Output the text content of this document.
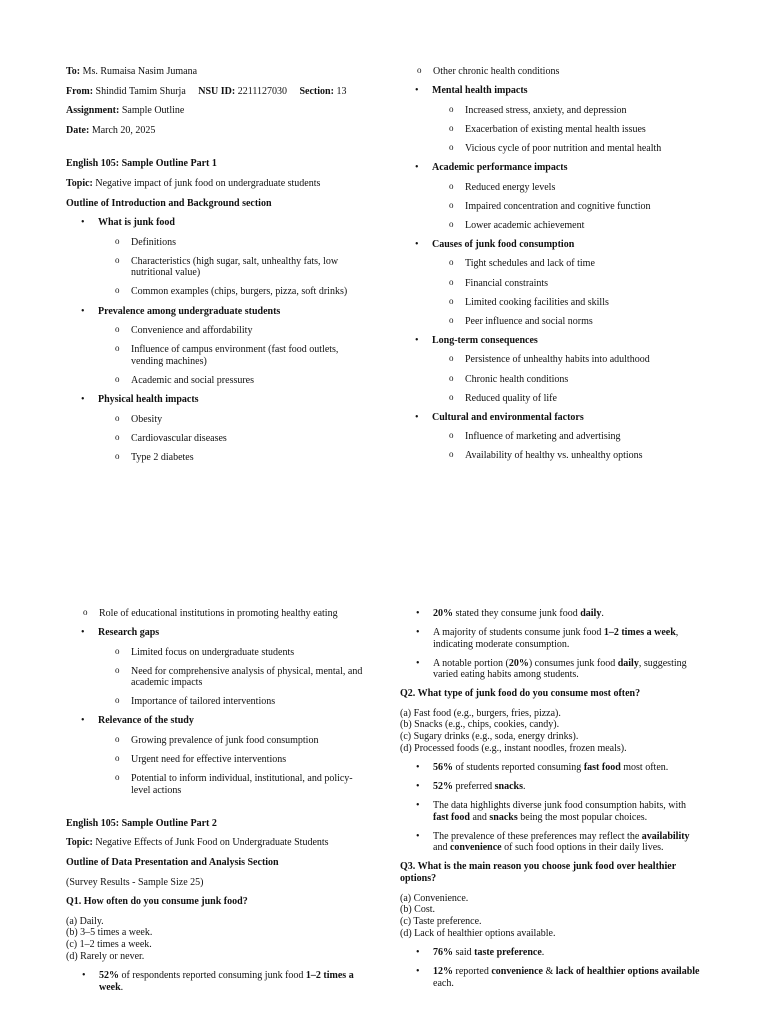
To: Ms. Rumaisa Nasim Jumana

From: Shindid Tamim Shurja NSU ID: 2211127030 Section: 13

Assignment: Sample Outline

Date: March 20, 2025

English 105: Sample Outline Part 1

Topic: Negative impact of junk food on undergraduate students

Outline of Introduction and Background section

• What is junk food
o Definitions
o Characteristics (high sugar, salt, unhealthy fats, low nutritional value)
o Common examples (chips, burgers, pizza, soft drinks)
• Prevalence among undergraduate students
o Convenience and affordability
o Influence of campus environment (fast food outlets, vending machines)
o Academic and social pressures
• Physical health impacts
o Obesity
o Cardiovascular diseases
o Type 2 diabetes
o Other chronic health conditions
• Mental health impacts
o Increased stress, anxiety, and depression
o Exacerbation of existing mental health issues
o Vicious cycle of poor nutrition and mental health
• Academic performance impacts
o Reduced energy levels
o Impaired concentration and cognitive function
o Lower academic achievement
• Causes of junk food consumption
o Tight schedules and lack of time
o Financial constraints
o Limited cooking facilities and skills
o Peer influence and social norms
• Long-term consequences
o Persistence of unhealthy habits into adulthood
o Chronic health conditions
o Reduced quality of life
• Cultural and environmental factors
o Influence of marketing and advertising
o Availability of healthy vs. unhealthy options
o Role of educational institutions in promoting healthy eating
• Research gaps
o Limited focus on undergraduate students
o Need for comprehensive analysis of physical, mental, and academic impacts
o Importance of tailored interventions
• Relevance of the study
o Growing prevalence of junk food consumption
o Urgent need for effective interventions
o Potential to inform individual, institutional, and policy-level actions

English 105: Sample Outline Part 2

Topic: Negative Effects of Junk Food on Undergraduate Students

Outline of Data Presentation and Analysis Section

(Survey Results - Sample Size 25)

Q1. How often do you consume junk food?

(a) Daily.

(b) 3–5 times a week.

(c) 1–2 times a week.

(d) Rarely or never.

• 52% of respondents reported consuming junk food 1–2 times a week.
• 20% stated they consume junk food daily.
• A majority of students consume junk food 1–2 times a week, indicating moderate consumption.
• A notable portion (20%) consumes junk food daily, suggesting varied eating habits among students.

Q2. What type of junk food do you consume most often?

(a) Fast food (e.g., burgers, fries, pizza).

(b) Snacks (e.g., chips, cookies, candy).

(c) Sugary drinks (e.g., soda, energy drinks).

(d) Processed foods (e.g., instant noodles, frozen meals).

• 56% of students reported consuming fast food most often.
• 52% preferred snacks.
• The data highlights diverse junk food consumption habits, with fast food and snacks being the most popular choices.
• The prevalence of these preferences may reflect the availability and convenience of such food options in their daily lives.

Q3. What is the main reason you choose junk food over healthier options?

(a) Convenience.

(b) Cost.

(c) Taste preference.

(d) Lack of healthier options available.

• 76% said taste preference.
• 12% reported convenience & lack of healthier options available each.
